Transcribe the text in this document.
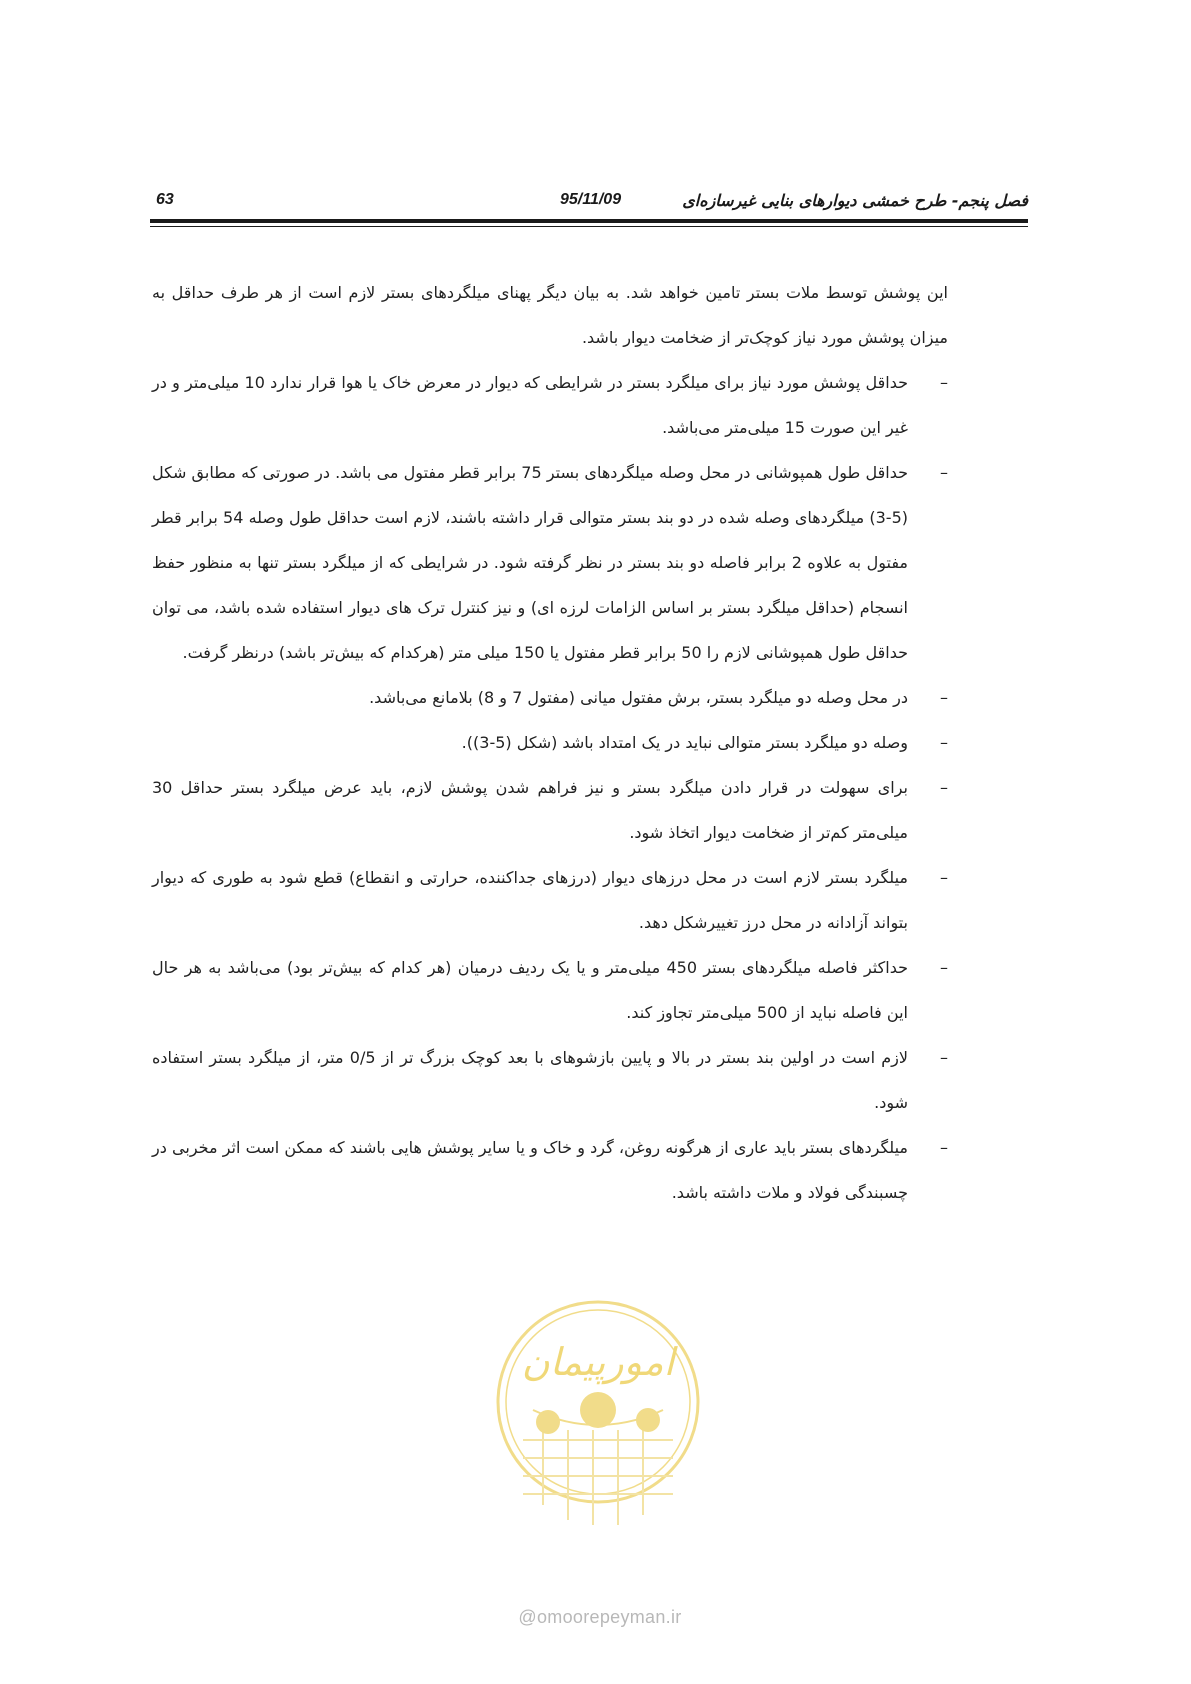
فصل پنجم- طرح خمشی دیوارهای بنایی غیرسازه‌ای
95/11/09
63

این پوشش توسط ملات بستر تامین خواهد شد. به بیان دیگر پهنای میلگردهای بستر لازم است از هر طرف حداقل به میزان پوشش مورد نیاز کوچک‌تر از ضخامت دیوار باشد.

–
حداقل پوشش مورد نیاز برای میلگرد بستر در شرایطی که دیوار در معرض خاک یا هوا قرار ندارد 10 میلی‌متر و در غیر این صورت 15 میلی‌متر می‌باشد.
–
حداقل طول همپوشانی در محل وصله میلگردهای بستر 75 برابر قطر مفتول می باشد. در صورتی که مطابق شکل (5-3) میلگردهای وصله شده در دو بند بستر متوالی قرار داشته باشند، لازم است حداقل طول وصله 54 برابر قطر مفتول به علاوه 2 برابر فاصله دو بند بستر در نظر گرفته شود. در شرایطی که از میلگرد بستر تنها به منظور حفظ انسجام (حداقل میلگرد بستر بر اساس الزامات لرزه ای) و نیز کنترل ترک های دیوار استفاده شده باشد، می توان حداقل طول همپوشانی لازم را 50 برابر قطر مفتول یا 150 میلی متر (هرکدام که بیش‌تر باشد) درنظر گرفت.
–
در محل وصله دو میلگرد بستر، برش مفتول میانی (مفتول 7 و 8) بلامانع می‌باشد.
–
وصله دو میلگرد بستر متوالی نباید در یک امتداد باشد (شکل (5-3)).
–
برای سهولت در قرار دادن میلگرد بستر و نیز فراهم شدن پوشش لازم، باید عرض میلگرد بستر حداقل 30 میلی‌متر کم‌تر از ضخامت دیوار اتخاذ شود.
–
میلگرد بستر لازم است در محل درزهای دیوار (درزهای جداکننده، حرارتی و انقطاع) قطع شود به طوری که دیوار بتواند آزادانه در محل درز تغییرشکل دهد.
–
حداکثر فاصله میلگردهای بستر 450 میلی‌متر و یا یک ردیف درمیان (هر کدام که بیش‌تر بود) می‌باشد به هر حال این فاصله نباید از 500 میلی‌متر تجاوز کند.
–
لازم است در اولین بند بستر در بالا و پایین بازشوهای با بعد کوچک بزرگ تر از 0/5 متر، از میلگرد بستر استفاده شود.
–
میلگردهای بستر باید عاری از هرگونه روغن، گرد و خاک و یا سایر پوشش هایی باشند که ممکن است اثر مخربی در چسبندگی فولاد و ملات داشته باشد.
امورپیمان
@omoorepeyman.ir
